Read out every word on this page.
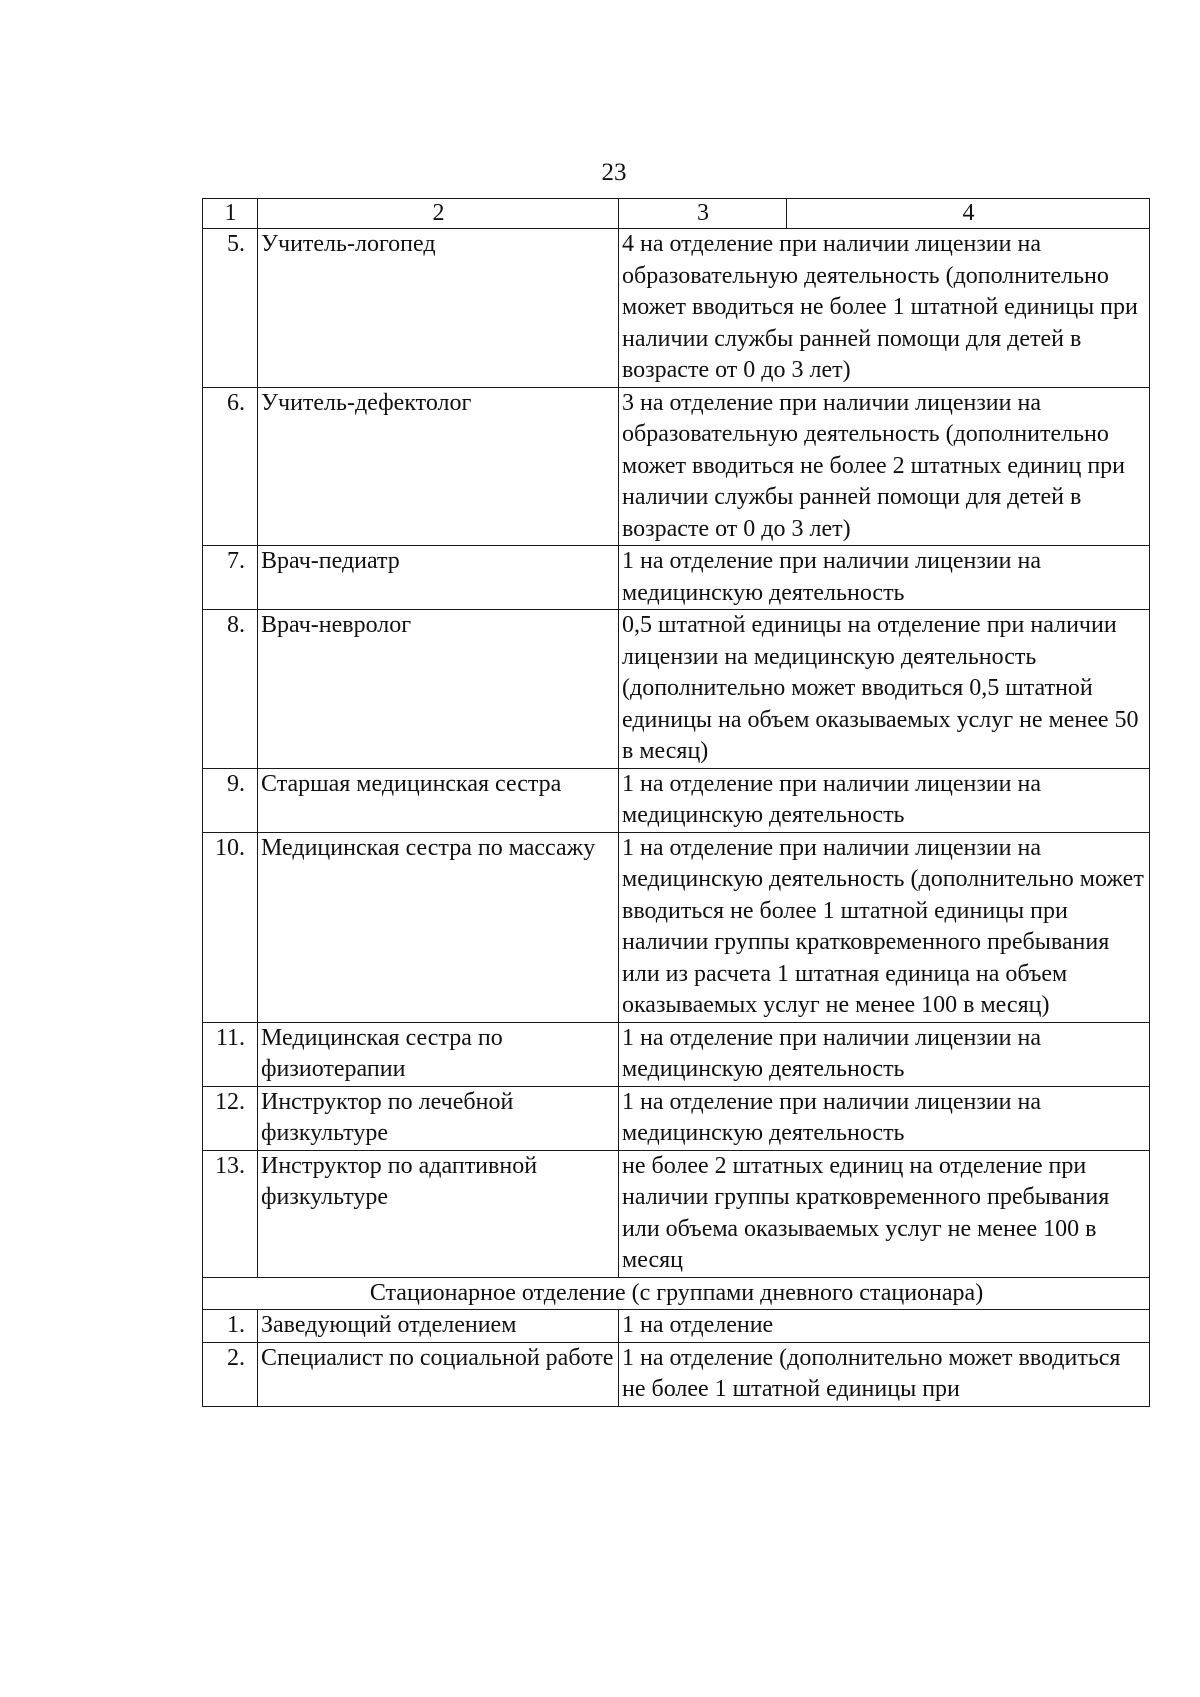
23
1	2	3	4
5.	Учитель-логопед	4 на отделение при наличии лицензии на образовательную деятельность (дополнительно может вводиться не более 1 штатной единицы при наличии службы ранней помощи для детей в возрасте от 0 до 3 лет)	
6.	Учитель-дефектолог	3 на отделение при наличии лицензии на образовательную деятельность (дополнительно может вводиться не более 2 штатных единиц при наличии службы ранней помощи для детей в возрасте от 0 до 3 лет)	
7.	Врач-педиатр	1 на отделение при наличии лицензии на медицинскую деятельность	
8.	Врач-невролог	0,5 штатной единицы на отделение при наличии лицензии на медицинскую деятельность (дополнительно может вводиться 0,5 штатной единицы на объем оказываемых услуг не менее 50 в месяц)	
9.	Старшая медицинская сестра	1 на отделение при наличии лицензии на медицинскую деятельность	
10.	Медицинская сестра по массажу	1 на отделение при наличии лицензии на медицинскую деятельность (дополнительно может вводиться не более 1 штатной единицы при наличии группы кратковременного пребывания или из расчета 1 штатная единица на объем оказываемых услуг не менее 100 в месяц)	
11.	Медицинская сестра по физиотерапии	1 на отделение при наличии лицензии на медицинскую деятельность	
12.	Инструктор по лечебной физкультуре	1 на отделение при наличии лицензии на медицинскую деятельность	
13.	Инструктор по адаптивной физкультуре	не более 2 штатных единиц на отделение при наличии группы кратковременного пребывания или объема оказываемых услуг не менее 100 в месяц	
Стационарное отделение (с группами дневного стационара)			
1.	Заведующий отделением	1 на отделение	
2.	Специалист по социальной работе	1 на отделение (дополнительно может вводиться не более 1 штатной единицы при	
